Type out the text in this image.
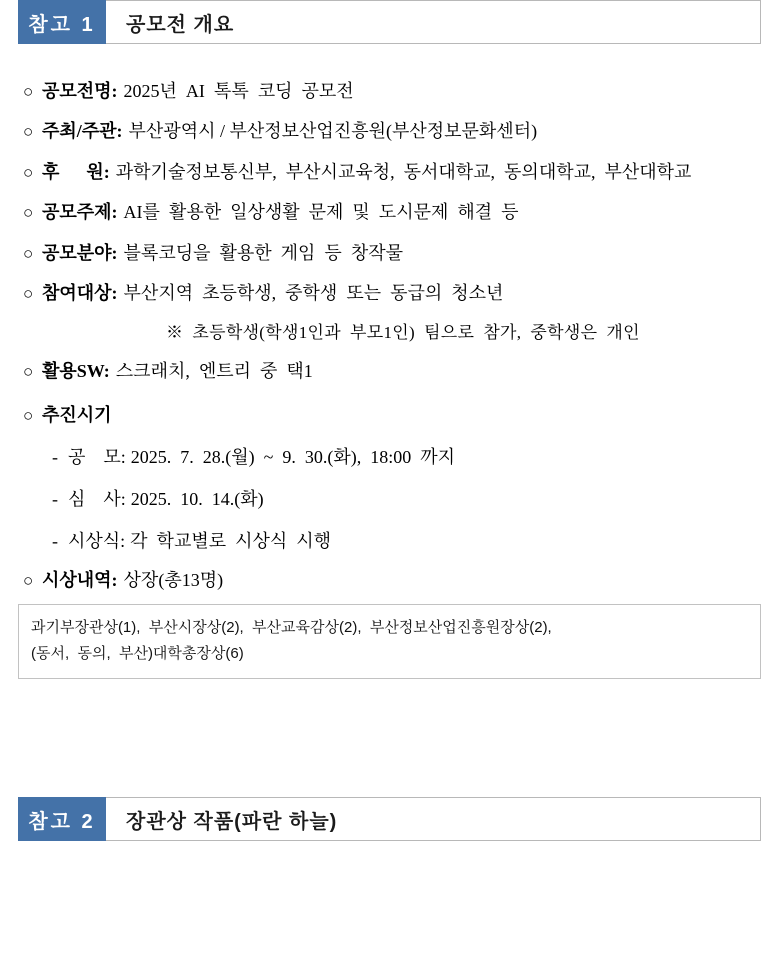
참고 1	공모전 개요
○ 공모전명: 2025년  AI  톡톡  코딩  공모전
○ 주최/주관: 부산광역시 / 부산정보산업진흥원(부산정보문화센터)
○ 후      원: 과학기술정보통신부,  부산시교육청,  동서대학교,  동의대학교,  부산대학교
○ 공모주제: AI를  활용한  일상생활  문제  및  도시문제  해결  등
○ 공모분야: 블록코딩을  활용한  게임  등  창작물
○ 참여대상: 부산지역  초등학생,  중학생  또는  동급의  청소년
※  초등학생(학생1인과  부모1인)  팀으로  참가,  중학생은  개인
○ 활용SW: 스크래치,  엔트리  중  택1
○ 추진시기
- 공    모: 2025.  7.  28.(월)  ~  9.  30.(화),  18:00  까지
- 심    사: 2025.  10.  14.(화)
- 시상식: 각  학교별로  시상식  시행
○ 시상내역: 상장(총13명)
과기부장관상(1),  부산시장상(2),  부산교육감상(2),  부산정보산업진흥원장상(2),
(동서,  동의,  부산)대학총장상(6)
참고 2	장관상 작품(파란 하늘)
